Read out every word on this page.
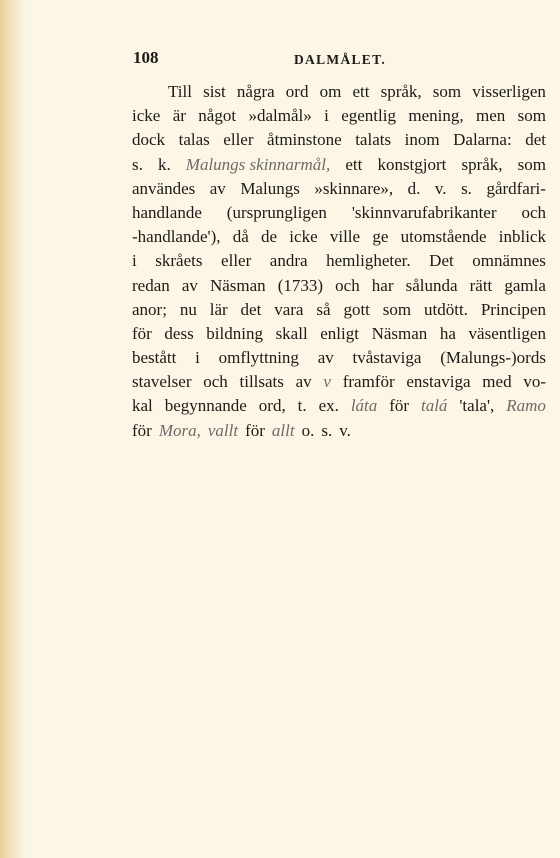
108	DALMÅLET.
Till sist några ord om ett språk, som visserligen
icke är något »dalmål» i egentlig mening, men som
dock talas eller åtminstone talats inom Dalarna: det
s. k. Malungs skinnarmål, ett konstgjort språk, som
användes av Malungs »skinnare», d. v. s. gårdfari-
handlande (ursprungligen 'skinnvarufabrikanter och
-handlande'), då de icke ville ge utomstående inblick
i skråets eller andra hemligheter. Det omnämnes
redan av Näsman (1733) och har sålunda rätt gamla
anor; nu lär det vara så gott som utdött. Principen
för dess bildning skall enligt Näsman ha väsentligen
bestått i omflyttning av tvåstaviga (Malungs-)ords
stavelser och tillsats av v framför enstaviga med vo-
kal begynnande ord, t. ex. láta för talá 'tala', Ramo
för Mora, vallt för allt o. s. v.
